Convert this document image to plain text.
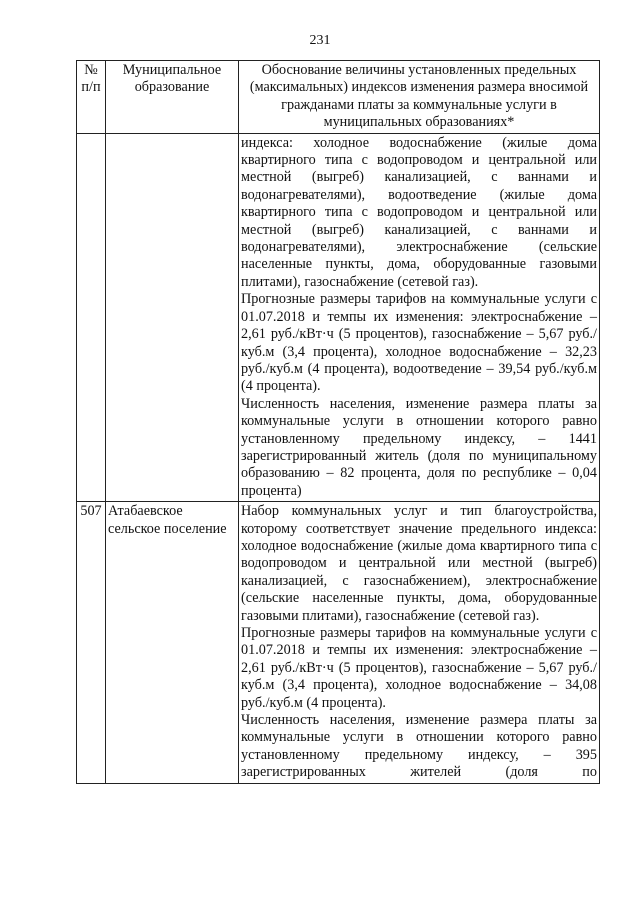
231
№ п/п	Муниципальное образование	Обоснование величины установленных предельных (максимальных) индексов изменения размера вносимой гражданами платы за коммунальные услуги в муниципальных образованиях*

		индекса: холодное водоснабжение (жилые дома квартирного типа с водопроводом и центральной или местной (выгреб) канализацией, с ваннами и водонагревателями), водоотведение (жилые дома квартирного типа с водопроводом и центральной или местной (выгреб) канализацией, с ваннами и водонагревателями), электроснабжение (сельские населенные пункты, дома, оборудованные газовыми плитами), газоснабжение (сетевой газ).

Прогнозные размеры тарифов на коммунальные услуги с 01.07.2018 и темпы их изменения: электроснабжение – 2,61 руб./кВт·ч (5 процентов), газоснабжение – 5,67 руб./куб.м (3,4 процента), холодное водоснабжение – 32,23 руб./куб.м (4 процента), водоотведение – 39,54 руб./куб.м (4 процента).

Численность населения, изменение размера платы за коммунальные услуги в отношении которого равно установленному предельному индексу, – 1441 зарегистрированный житель (доля по муниципальному образованию – 82 процента, доля по республике – 0,04 процента)

507	Атабаевское сельское поселение	Набор коммунальных услуг и тип благоустройства, которому соответствует значение предельного индекса: холодное водоснабжение (жилые дома квартирного типа с водопроводом и центральной или местной (выгреб) канализацией, с газоснабжением), электроснабжение (сельские населенные пункты, дома, оборудованные газовыми плитами), газоснабжение (сетевой газ).

Прогнозные размеры тарифов на коммунальные услуги с 01.07.2018 и темпы их изменения: электроснабжение – 2,61 руб./кВт·ч (5 процентов), газоснабжение – 5,67 руб./куб.м (3,4 процента), холодное водоснабжение – 34,08 руб./куб.м (4 процента).

Численность населения, изменение размера платы за коммунальные услуги в отношении которого равно установленному предельному индексу, – 395 зарегистрированных жителей (доля по
